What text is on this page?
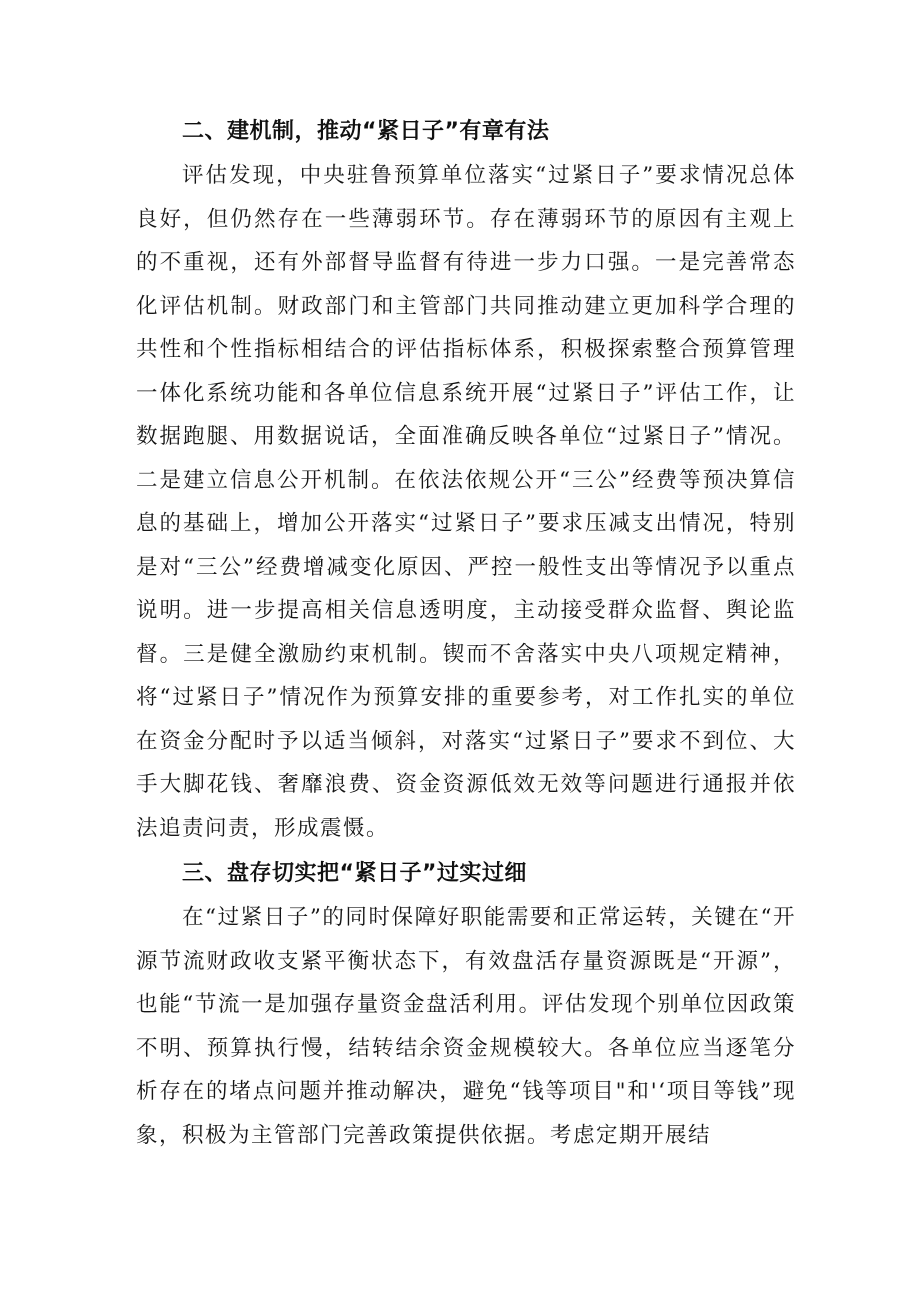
二、建机制，推动“紧日子”有章有法

评估发现，中央驻鲁预算单位落实“过紧日子”要求情况总体良好，但仍然存在一些薄弱环节。存在薄弱环节的原因有主观上的不重视，还有外部督导监督有待进一步力口强。一是完善常态化评估机制。财政部门和主管部门共同推动建立更加科学合理的共性和个性指标相结合的评估指标体系，积极探索整合预算管理一体化系统功能和各单位信息系统开展“过紧日子”评估工作，让数据跑腿、用数据说话，全面准确反映各单位“过紧日子”情况。二是建立信息公开机制。在依法依规公开“三公”经费等预决算信息的基础上，增加公开落实“过紧日子”要求压减支出情况，特别是对“三公”经费增减变化原因、严控一般性支出等情况予以重点说明。进一步提高相关信息透明度，主动接受群众监督、舆论监督。三是健全激励约束机制。锲而不舍落实中央八项规定精神，将“过紧日子”情况作为预算安排的重要参考，对工作扎实的单位在资金分配时予以适当倾斜，对落实“过紧日子”要求不到位、大手大脚花钱、奢靡浪费、资金资源低效无效等问题进行通报并依法追责问责，形成震慑。

三、盘存切实把“紧日子”过实过细

在“过紧日子”的同时保障好职能需要和正常运转，关键在“开源节流财政收支紧平衡状态下，有效盘活存量资源既是“开源”，也能“节流一是加强存量资金盘活利用。评估发现个别单位因政策不明、预算执行慢，结转结余资金规模较大。各单位应当逐笔分析存在的堵点问题并推动解决，避免“钱等项目"和'‘项目等钱”现象，积极为主管部门完善政策提供依据。考虑定期开展结
